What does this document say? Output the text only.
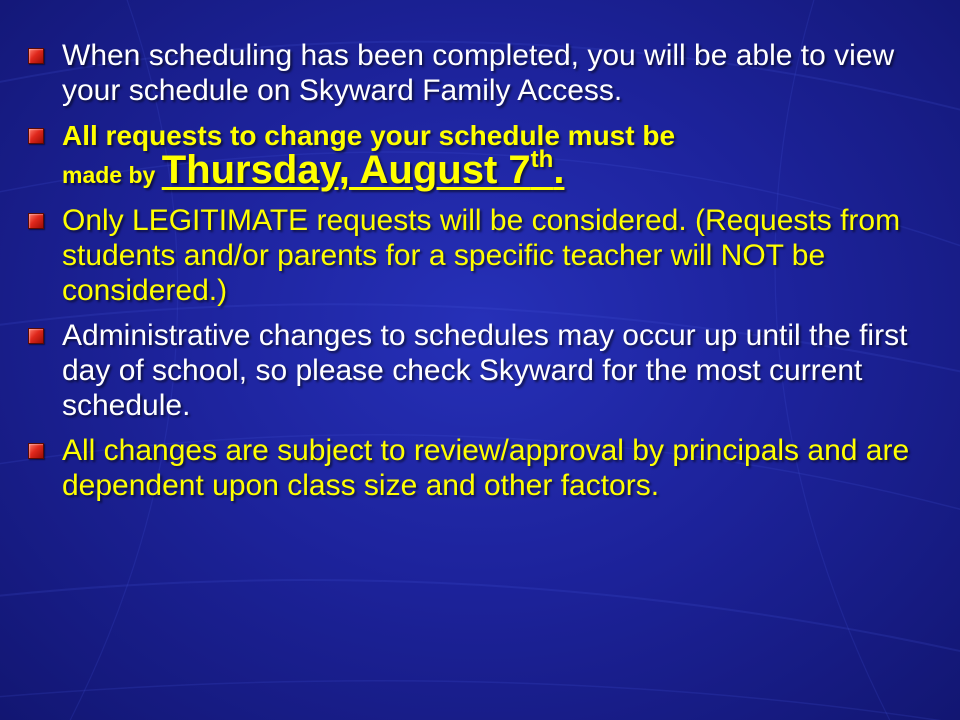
When scheduling has been completed, you will be able to view your schedule on Skyward Family Access.
All requests to change your schedule must be
made by Thursday, August 7th.
Only LEGITIMATE requests will be considered. (Requests from students and/or parents for a specific teacher will NOT be considered.)
Administrative changes to schedules may occur up until the first day of school, so please check Skyward for the most current schedule.
All changes are subject to review/approval by principals and are dependent upon class size and other factors.
